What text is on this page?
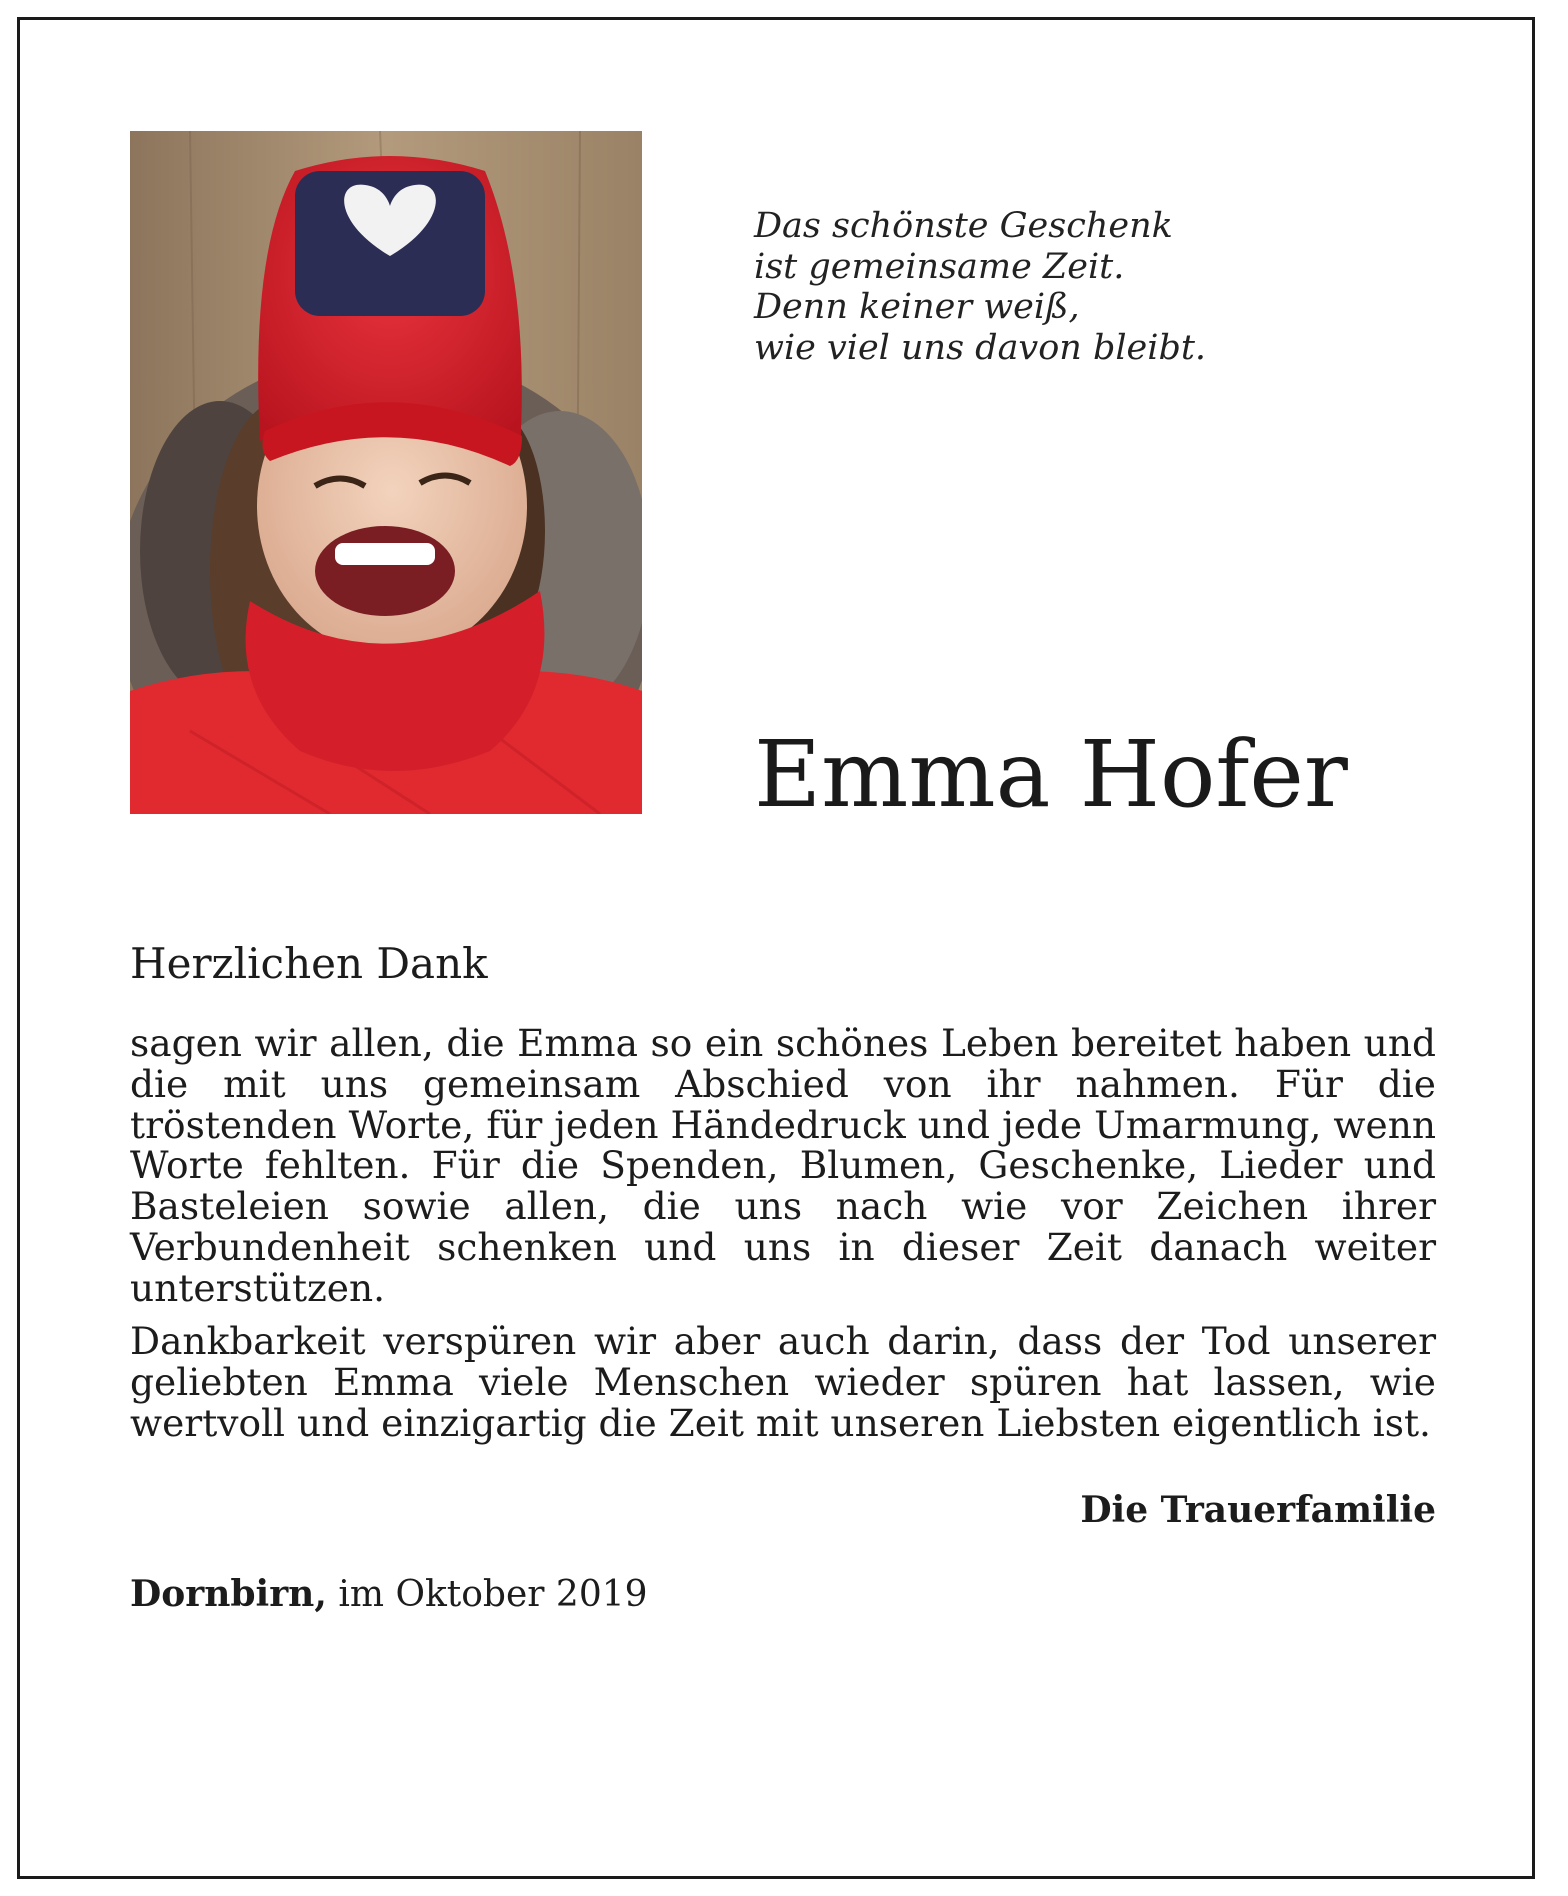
Das schönste Geschenk
ist gemeinsame Zeit.
Denn keiner weiß,
wie viel uns davon bleibt.
Emma Hofer
Herzlichen Dank

sagen wir allen, die Emma so ein schönes Leben bereitet haben und die mit uns gemeinsam Abschied von ihr nahmen. Für die tröstenden Worte, für jeden Händedruck und jede Umarmung, wenn Worte fehlten. Für die Spenden, Blumen, Geschenke, Lieder und Basteleien sowie allen, die uns nach wie vor Zeichen ihrer Verbundenheit schenken und uns in dieser Zeit danach weiter unterstützen.

Dankbarkeit verspüren wir aber auch darin, dass der Tod unserer geliebten Emma viele Menschen wieder spüren hat lassen, wie wertvoll und einzigartig die Zeit mit unseren Liebsten eigentlich ist.

Die Trauerfamilie
Dornbirn, im Oktober 2019
